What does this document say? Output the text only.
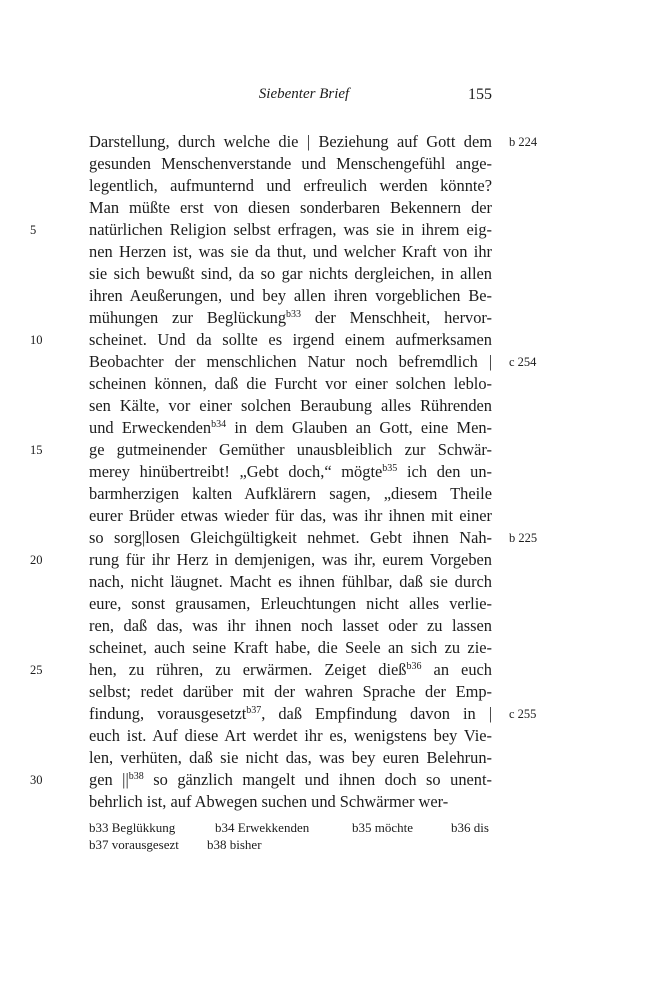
Siebenter Brief	155
Darstellung, durch welche die | Beziehung auf Gott dem b 224
gesunden Menschenverstande und Menschengefühl ange-
legentlich, aufmunternd und erfreulich werden könnte?
Man müßte erst von diesen sonderbaren Bekennern der
5	natürlichen Religion selbst erfragen, was sie in ihrem eig-
nen Herzen ist, was sie da thut, und welcher Kraft von ihr
sie sich bewußt sind, da so gar nichts dergleichen, in allen
ihren Aeußerungen, und bey allen ihren vorgeblichen Be-
mühungen zur Beglückung$^{b33}$ der Menschheit, hervor-
10	scheinet. Und da sollte es irgend einem aufmerksamen
Beobachter der menschlichen Natur noch befremdlich | c 254
scheinen können, daß die Furcht vor einer solchen leblo-
sen Kälte, vor einer solchen Beraubung alles Rührenden
und Erweckenden$^{b34}$ in dem Glauben an Gott, eine Men-
15	ge gutmeinender Gemüther unausbleiblich zur Schwär-
merey hinübertreibt! „Gebt doch,“ mögte$^{b35}$ ich den un-
barmherzigen kalten Aufklärern sagen, „diesem Theile
eurer Brüder etwas wieder für das, was ihr ihnen mit einer
so sorg|losen Gleichgültigkeit nehmet. Gebt ihnen Nah- b 225
20	rung für ihr Herz in demjenigen, was ihr, eurem Vorgeben
nach, nicht läugnet. Macht es ihnen fühlbar, daß sie durch
eure, sonst grausamen, Erleuchtungen nicht alles verlie-
ren, daß das, was ihr ihnen noch lasset oder zu lassen
scheinet, auch seine Kraft habe, die Seele an sich zu zie-
25	hen, zu rühren, zu erwärmen. Zeiget dieß$^{b36}$ an euch
selbst; redet darüber mit der wahren Sprache der Emp-
findung, vorausgesetzt$^{b37}$, daß Empfindung davon in | c 255
euch ist. Auf diese Art werdet ihr es, wenigstens bey Vie-
len, verhüten, daß sie nicht das, was bey euren Belehrun-
30	gen $||^{b38}$ so gänzlich mangelt und ihnen doch so unent-
behrlich ist, auf Abwegen suchen und Schwärmer wer-
b33 Beglükkung	b34 Erwekkenden	b35 möchte	b36 dis
b37 vorausgesezt b38 bisher
